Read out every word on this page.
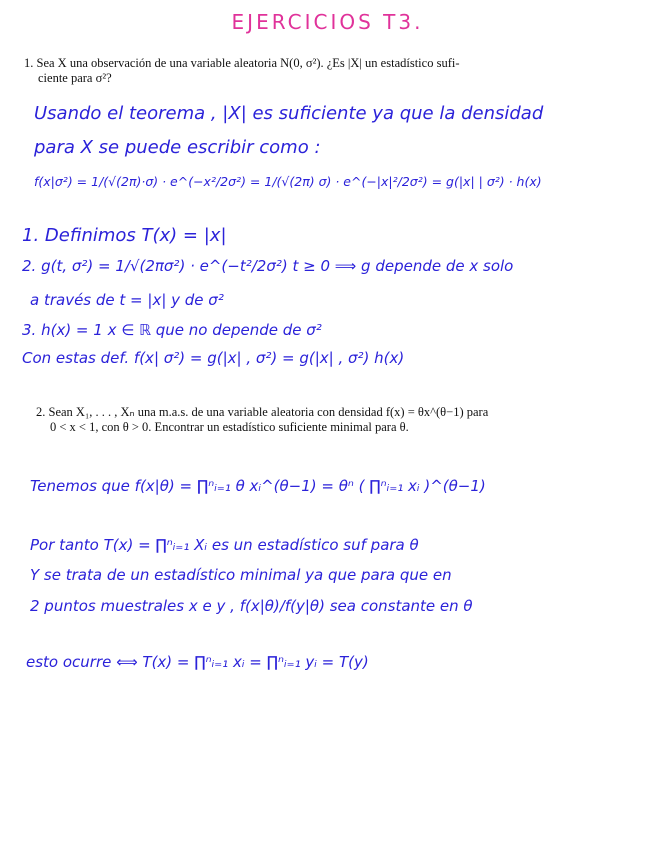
EJERCICIOS T3.
1. Sea X una observación de una variable aleatoria N(0, σ²). ¿Es |X| un estadístico sufi-
ciente para σ²?
Usando el teorema , |X| es suficiente ya que la densidad
para X se puede escribir como :
f(x|σ²) = 1/(√(2π)·σ) · e^(−x²/2σ²) = 1/(√(2π) σ) · e^(−|x|²/2σ²) = g(|x| | σ²) · h(x)
1. Definimos T(x) = |x|
2. g(t, σ²) = 1/√(2πσ²) · e^(−t²/2σ²) t ≥ 0 ⟹ g depende de x solo
a través de t = |x| y de σ²
3. h(x) = 1 x ∈ ℝ que no depende de σ²
Con estas def. f(x| σ²) = g(|x| , σ²) = g(|x| , σ²) h(x)
2. Sean X₁, . . . , Xₙ una m.a.s. de una variable aleatoria con densidad f(x) = θx^(θ−1) para
0 < x < 1, con θ > 0. Encontrar un estadístico suficiente minimal para θ.
Tenemos que f(x|θ) = ∏ⁿᵢ₌₁ θ xᵢ^(θ−1) = θⁿ ( ∏ⁿᵢ₌₁ xᵢ )^(θ−1)
Por tanto T(x) = ∏ⁿᵢ₌₁ Xᵢ es un estadístico suf para θ
Y se trata de un estadístico minimal ya que para que en
2 puntos muestrales x e y , f(x|θ)/f(y|θ) sea constante en θ
esto ocurre ⟺ T(x) = ∏ⁿᵢ₌₁ xᵢ = ∏ⁿᵢ₌₁ yᵢ = T(y)
